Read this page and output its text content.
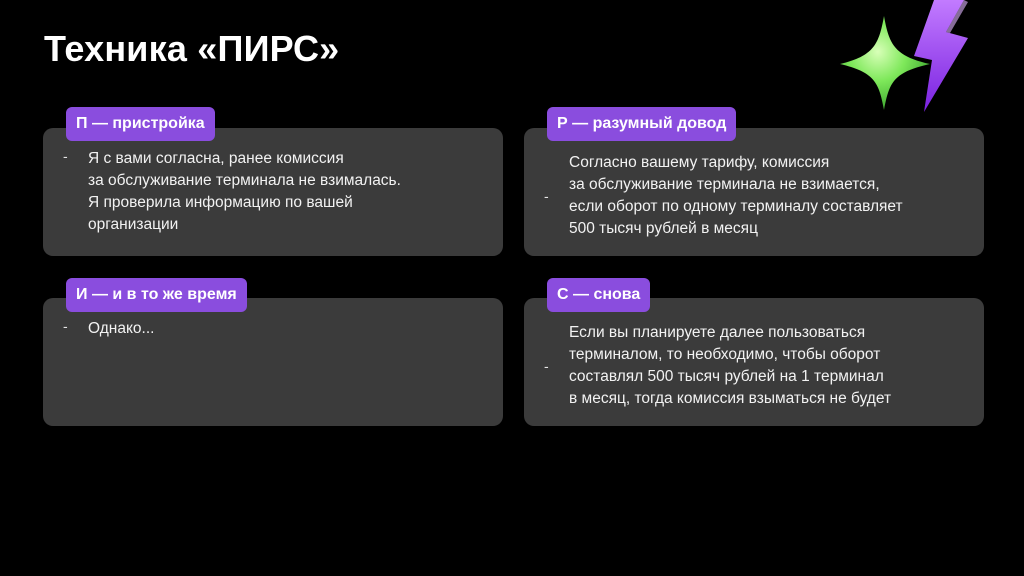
Техника «ПИРС»
-	Я с вами согласна, ранее комиссия
за обслуживание терминала не взималась.
Я проверила информацию по вашей
организации
П — пристройка
-
Согласно вашему тарифу, комиссия
за обслуживание терминала не взимается,
если оборот по одному терминалу составляет
500 тысяч рублей в месяц
Р — разумный довод
-	Однако...
И — и в то же время
-
Если вы планируете далее пользоваться
терминалом, то необходимо, чтобы оборот
составлял 500 тысяч рублей на 1 терминал
в месяц, тогда комиссия взыматься не будет
С — снова
